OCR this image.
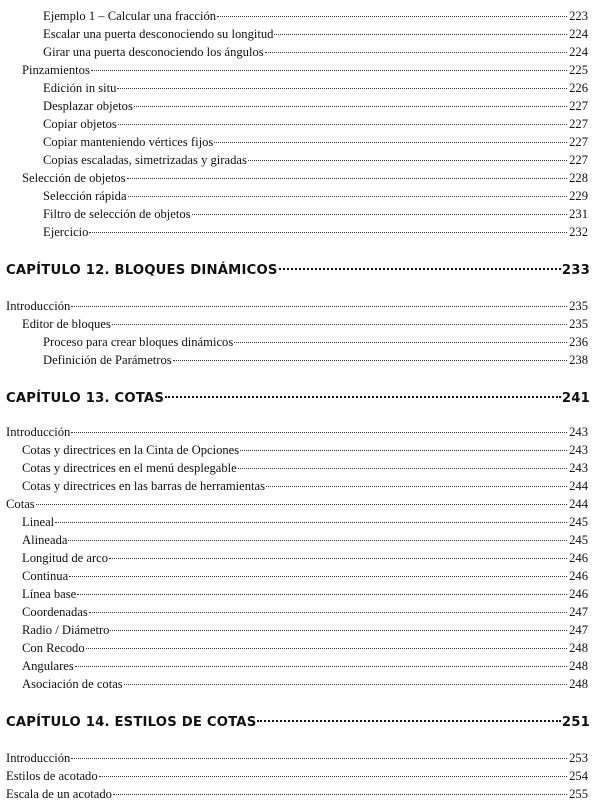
Ejemplo 1 – Calcular una fracción	223
Escalar una puerta desconociendo su longitud	224
Girar una puerta desconociendo los ángulos	224
Pinzamientos	225
Edición in situ	226
Desplazar objetos	227
Copiar objetos	227
Copiar manteniendo vértices fijos	227
Copias escaladas, simetrizadas y giradas	227
Selección de objetos	228
Selección rápida	229
Filtro de selección de objetos	231
Ejercicio	232
CAPÍTULO 12. BLOQUES DINÁMICOS	233
Introducción	235
Editor de bloques	235
Proceso para crear bloques dinámicos	236
Definición de Parámetros	238
CAPÍTULO 13. COTAS	241
Introducción	243
Cotas y directrices en la Cinta de Opciones	243
Cotas y directrices en el menú desplegable	243
Cotas y directrices en las barras de herramientas	244
Cotas	244
Lineal	245
Alineada	245
Longitud de arco	246
Continua	246
Línea base	246
Coordenadas	247
Radio / Diámetro	247
Con Recodo	248
Angulares	248
Asociación de cotas	248
CAPÍTULO 14. ESTILOS DE COTAS	251
Introducción	253
Estilos de acotado	254
Escala de un acotado	255
